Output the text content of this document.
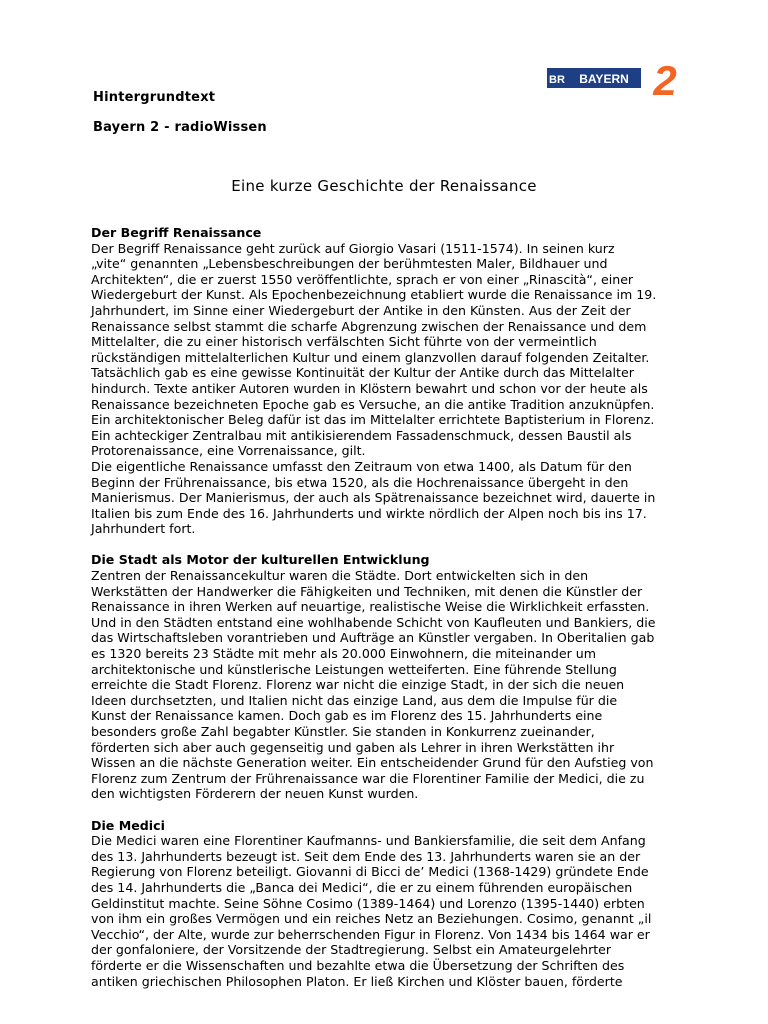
BR BAYERN 2
Hintergrundtext
Bayern 2 - radioWissen
Eine kurze Geschichte der Renaissance
Der Begriff Renaissance

Der Begriff Renaissance geht zurück auf Giorgio Vasari (1511-1574). In seinen kurz

„vite“ genannten „Lebensbeschreibungen der berühmtesten Maler, Bildhauer und

Architekten“, die er zuerst 1550 veröffentlichte, sprach er von einer „Rinascità“, einer

Wiedergeburt der Kunst. Als Epochenbezeichnung etabliert wurde die Renaissance im 19.

Jahrhundert, im Sinne einer Wiedergeburt der Antike in den Künsten. Aus der Zeit der

Renaissance selbst stammt die scharfe Abgrenzung zwischen der Renaissance und dem

Mittelalter, die zu einer historisch verfälschten Sicht führte von der vermeintlich

rückständigen mittelalterlichen Kultur und einem glanzvollen darauf folgenden Zeitalter.

Tatsächlich gab es eine gewisse Kontinuität der Kultur der Antike durch das Mittelalter

hindurch. Texte antiker Autoren wurden in Klöstern bewahrt und schon vor der heute als

Renaissance bezeichneten Epoche gab es Versuche, an die antike Tradition anzuknüpfen.

Ein architektonischer Beleg dafür ist das im Mittelalter errichtete Baptisterium in Florenz.

Ein achteckiger Zentralbau mit antikisierendem Fassadenschmuck, dessen Baustil als

Protorenaissance, eine Vorrenaissance, gilt.

Die eigentliche Renaissance umfasst den Zeitraum von etwa 1400, als Datum für den

Beginn der Frührenaissance, bis etwa 1520, als die Hochrenaissance übergeht in den

Manierismus. Der Manierismus, der auch als Spätrenaissance bezeichnet wird, dauerte in

Italien bis zum Ende des 16. Jahrhunderts und wirkte nördlich der Alpen noch bis ins 17.

Jahrhundert fort.

Die Stadt als Motor der kulturellen Entwicklung

Zentren der Renaissancekultur waren die Städte. Dort entwickelten sich in den

Werkstätten der Handwerker die Fähigkeiten und Techniken, mit denen die Künstler der

Renaissance in ihren Werken auf neuartige, realistische Weise die Wirklichkeit erfassten.

Und in den Städten entstand eine wohlhabende Schicht von Kaufleuten und Bankiers, die

das Wirtschaftsleben vorantrieben und Aufträge an Künstler vergaben. In Oberitalien gab

es 1320 bereits 23 Städte mit mehr als 20.000 Einwohnern, die miteinander um

architektonische und künstlerische Leistungen wetteiferten. Eine führende Stellung

erreichte die Stadt Florenz. Florenz war nicht die einzige Stadt, in der sich die neuen

Ideen durchsetzten, und Italien nicht das einzige Land, aus dem die Impulse für die

Kunst der Renaissance kamen. Doch gab es im Florenz des 15. Jahrhunderts eine

besonders große Zahl begabter Künstler. Sie standen in Konkurrenz zueinander,

förderten sich aber auch gegenseitig und gaben als Lehrer in ihren Werkstätten ihr

Wissen an die nächste Generation weiter. Ein entscheidender Grund für den Aufstieg von

Florenz zum Zentrum der Frührenaissance war die Florentiner Familie der Medici, die zu

den wichtigsten Förderern der neuen Kunst wurden.

Die Medici

Die Medici waren eine Florentiner Kaufmanns- und Bankiersfamilie, die seit dem Anfang

des 13. Jahrhunderts bezeugt ist. Seit dem Ende des 13. Jahrhunderts waren sie an der

Regierung von Florenz beteiligt. Giovanni di Bicci de’ Medici (1368-1429) gründete Ende

des 14. Jahrhunderts die „Banca dei Medici“, die er zu einem führenden europäischen

Geldinstitut machte. Seine Söhne Cosimo (1389-1464) und Lorenzo (1395-1440) erbten

von ihm ein großes Vermögen und ein reiches Netz an Beziehungen. Cosimo, genannt „il

Vecchio“, der Alte, wurde zur beherrschenden Figur in Florenz. Von 1434 bis 1464 war er

der gonfaloniere, der Vorsitzende der Stadtregierung. Selbst ein Amateurgelehrter

förderte er die Wissenschaften und bezahlte etwa die Übersetzung der Schriften des

antiken griechischen Philosophen Platon. Er ließ Kirchen und Klöster bauen, förderte
